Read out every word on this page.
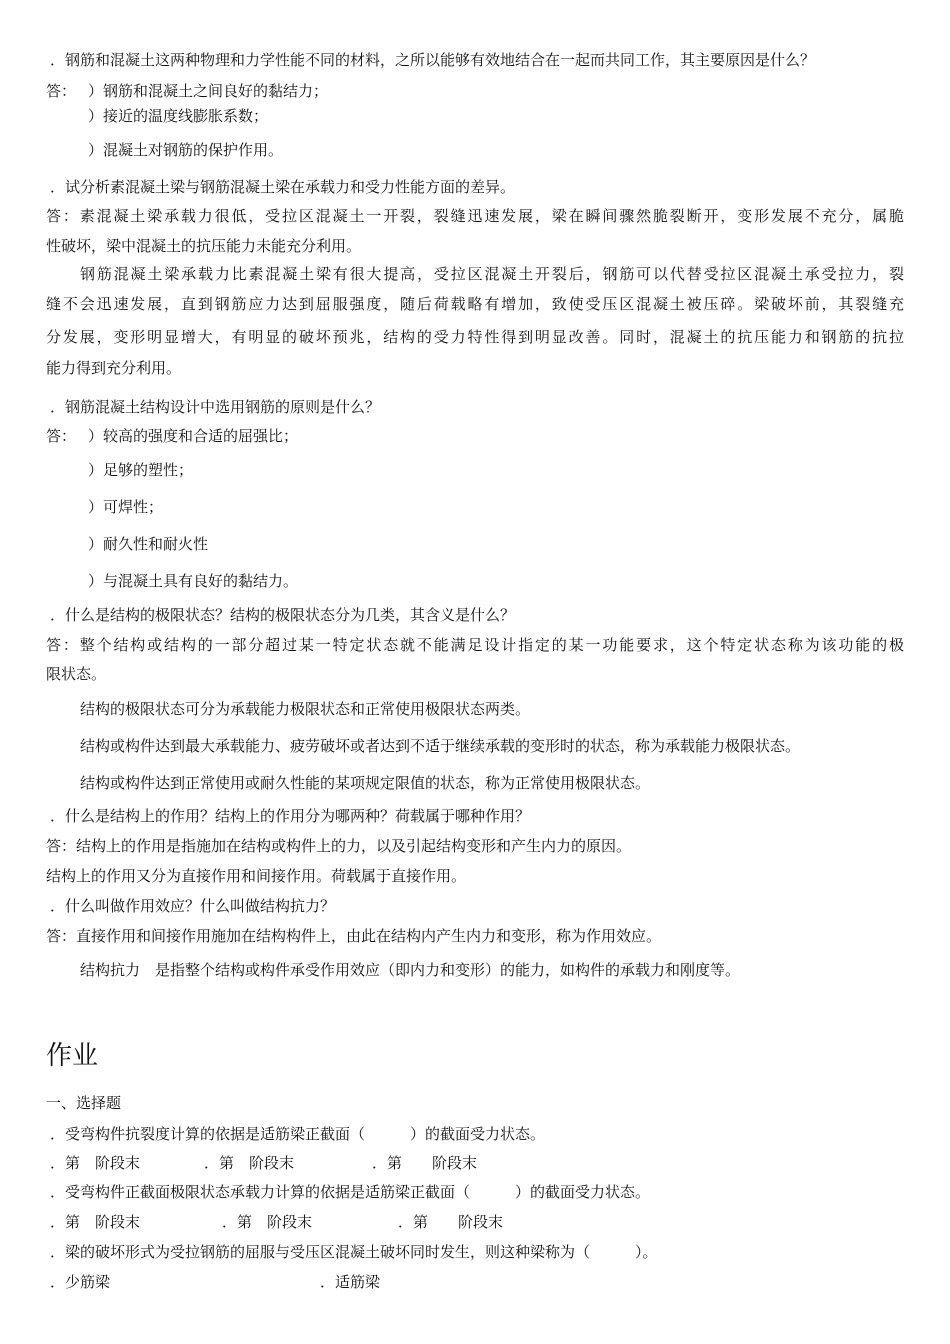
．钢筋和混凝土这两种物理和力学性能不同的材料，之所以能够有效地结合在一起而共同工作，其主要原因是什么？
答： ）钢筋和混凝土之间良好的黏结力；
）接近的温度线膨胀系数；
）混凝土对钢筋的保护作用。
．试分析素混凝土梁与钢筋混凝土梁在承载力和受力性能方面的差异。
答：素混凝土梁承载力很低，受拉区混凝土一开裂，裂缝迅速发展，梁在瞬间骤然脆裂断开，变形发展不充分，属脆
性破坏，梁中混凝土的抗压能力未能充分利用。
钢筋混凝土梁承载力比素混凝土梁有很大提高，受拉区混凝土开裂后，钢筋可以代替受拉区混凝土承受拉力，裂
缝不会迅速发展，直到钢筋应力达到屈服强度，随后荷载略有增加，致使受压区混凝土被压碎。梁破坏前，其裂缝充
分发展，变形明显增大，有明显的破坏预兆，结构的受力特性得到明显改善。同时，混凝土的抗压能力和钢筋的抗拉
能力得到充分利用。
．钢筋混凝土结构设计中选用钢筋的原则是什么？
答： ）较高的强度和合适的屈强比；
）足够的塑性；
）可焊性；
）耐久性和耐火性
）与混凝土具有良好的黏结力。
．什么是结构的极限状态？结构的极限状态分为几类，其含义是什么？
答：整个结构或结构的一部分超过某一特定状态就不能满足设计指定的某一功能要求，这个特定状态称为该功能的极
限状态。
结构的极限状态可分为承载能力极限状态和正常使用极限状态两类。
结构或构件达到最大承载能力、疲劳破坏或者达到不适于继续承载的变形时的状态，称为承载能力极限状态。
结构或构件达到正常使用或耐久性能的某项规定限值的状态，称为正常使用极限状态。
．什么是结构上的作用？结构上的作用分为哪两种？荷载属于哪种作用？
答：结构上的作用是指施加在结构或构件上的力，以及引起结构变形和产生内力的原因。
结构上的作用又分为直接作用和间接作用。荷载属于直接作用。
．什么叫做作用效应？什么叫做结构抗力？
答：直接作用和间接作用施加在结构构件上，由此在结构内产生内力和变形，称为作用效应。
结构抗力　是指整个结构或构件承受作用效应（即内力和变形）的能力，如构件的承载力和刚度等。
作业
一、选择题
．受弯构件抗裂度计算的依据是适筋梁正截面（　　　）的截面受力状态。
．第　阶段末	．第　阶段末	．第　　阶段末
．受弯构件正截面极限状态承载力计算的依据是适筋梁正截面（　　　）的截面受力状态。
．第　阶段末	．第　阶段末	．第　　阶段末
．梁的破坏形式为受拉钢筋的屈服与受压区混凝土破坏同时发生，则这种梁称为（　　　）。
．少筋梁	．适筋梁
